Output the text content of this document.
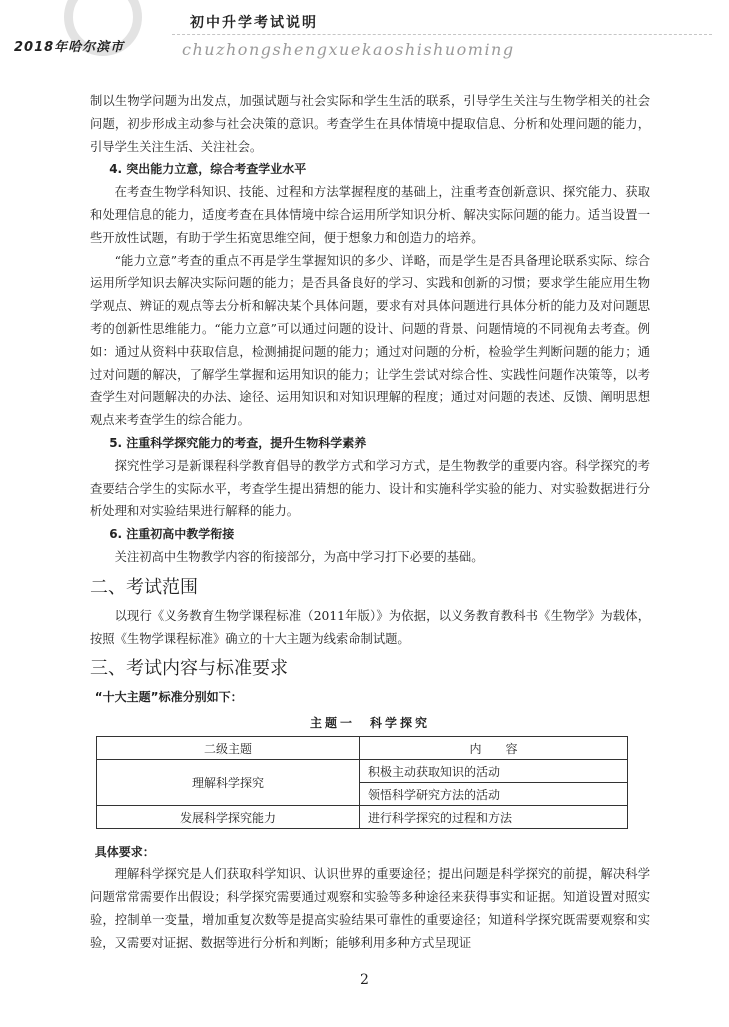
2018年哈尔滨市
初中升学考试说明
chuzhongshengxuekaoshishuoming

制以生物学问题为出发点，加强试题与社会实际和学生生活的联系，引导学生关注与生物学相关的社会问题，初步形成主动参与社会决策的意识。考查学生在具体情境中提取信息、分析和处理问题的能力，引导学生关注生活、关注社会。

4. 突出能力立意，综合考查学业水平

在考查生物学科知识、技能、过程和方法掌握程度的基础上，注重考查创新意识、探究能力、获取和处理信息的能力，适度考查在具体情境中综合运用所学知识分析、解决实际问题的能力。适当设置一些开放性试题，有助于学生拓宽思维空间，便于想象力和创造力的培养。

“能力立意”考查的重点不再是学生掌握知识的多少、详略，而是学生是否具备理论联系实际、综合运用所学知识去解决实际问题的能力；是否具备良好的学习、实践和创新的习惯；要求学生能应用生物学观点、辨证的观点等去分析和解决某个具体问题，要求有对具体问题进行具体分析的能力及对问题思考的创新性思维能力。“能力立意”可以通过问题的设计、问题的背景、问题情境的不同视角去考查。例如：通过从资料中获取信息，检测捕捉问题的能力；通过对问题的分析，检验学生判断问题的能力；通过对问题的解决，了解学生掌握和运用知识的能力；让学生尝试对综合性、实践性问题作决策等，以考查学生对问题解决的办法、途径、运用知识和对知识理解的程度；通过对问题的表述、反馈、阐明思想观点来考查学生的综合能力。

5. 注重科学探究能力的考查，提升生物科学素养

探究性学习是新课程科学教育倡导的教学方式和学习方式，是生物教学的重要内容。科学探究的考查要结合学生的实际水平，考查学生提出猜想的能力、设计和实施科学实验的能力、对实验数据进行分析处理和对实验结果进行解释的能力。

6. 注重初高中教学衔接

关注初高中生物教学内容的衔接部分，为高中学习打下必要的基础。

二、考试范围

以现行《义务教育生物学课程标准（2011年版）》为依据，以义务教育教科书《生物学》为载体，按照《生物学课程标准》确立的十大主题为线索命制试题。

三、考试内容与标准要求
“十大主题”标准分别如下：
主题一　科学探究
二级主题	内　　容
理解科学探究	积极主动获取知识的活动
	领悟科学研究方法的活动
发展科学探究能力	进行科学探究的过程和方法
具体要求：

理解科学探究是人们获取科学知识、认识世界的重要途径；提出问题是科学探究的前提，解决科学问题常常需要作出假设；科学探究需要通过观察和实验等多种途径来获得事实和证据。知道设置对照实验，控制单一变量，增加重复次数等是提高实验结果可靠性的重要途径；知道科学探究既需要观察和实验，又需要对证据、数据等进行分析和判断；能够利用多种方式呈现证

2
